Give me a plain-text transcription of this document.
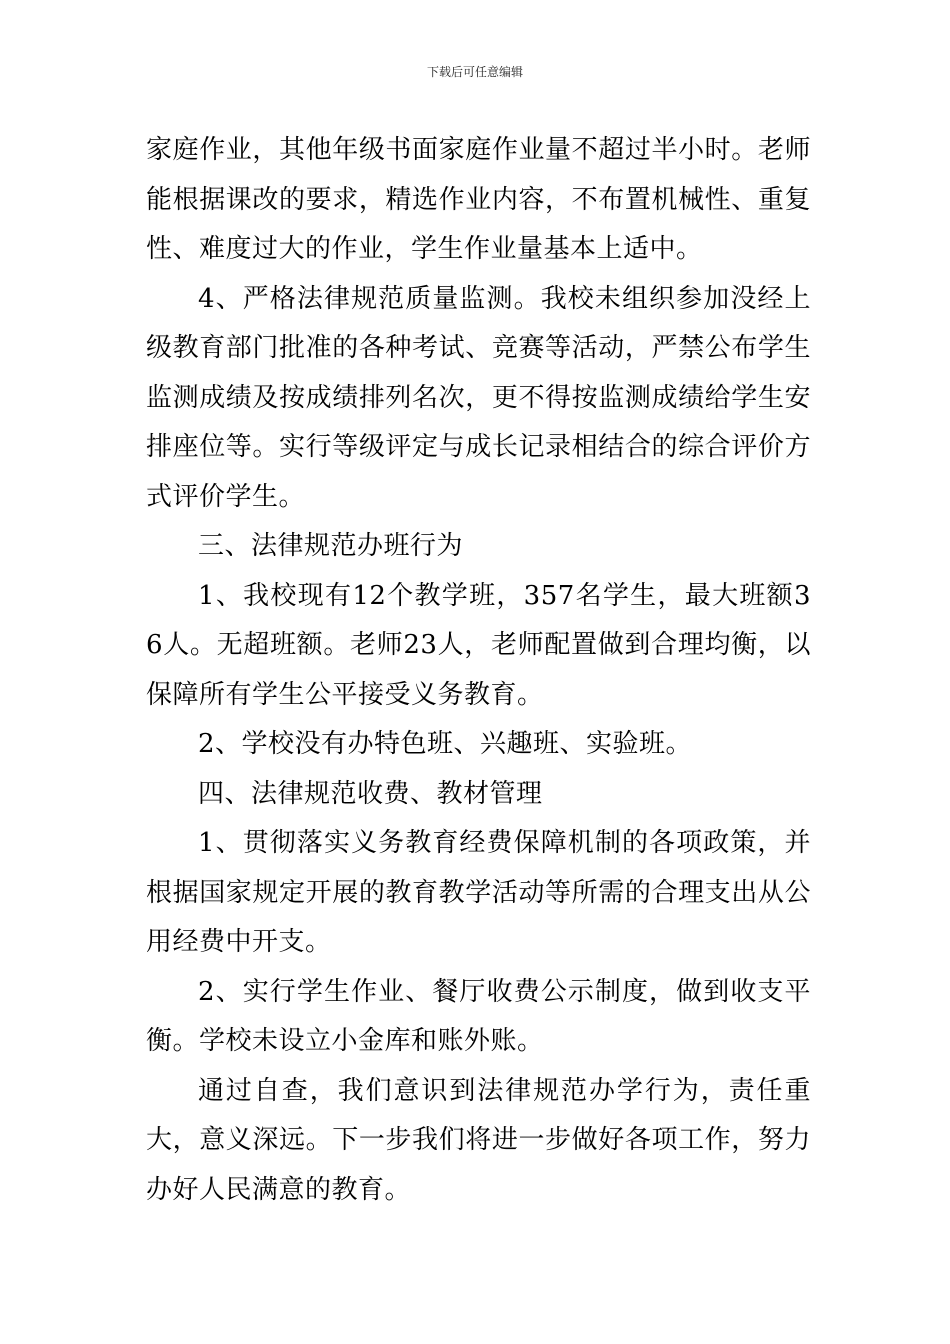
下载后可任意编辑

家庭作业，其他年级书面家庭作业量不超过半小时。老师能根据课改的要求，精选作业内容，不布置机械性、重复性、难度过大的作业，学生作业量基本上适中。

4、严格法律规范质量监测。我校未组织参加没经上级教育部门批准的各种考试、竞赛等活动，严禁公布学生监测成绩及按成绩排列名次，更不得按监测成绩给学生安排座位等。实行等级评定与成长记录相结合的综合评价方式评价学生。

三、法律规范办班行为

1、我校现有12个教学班，357名学生，最大班额36人。无超班额。老师23人，老师配置做到合理均衡，以保障所有学生公平接受义务教育。

2、学校没有办特色班、兴趣班、实验班。

四、法律规范收费、教材管理

1、贯彻落实义务教育经费保障机制的各项政策，并根据国家规定开展的教育教学活动等所需的合理支出从公用经费中开支。

2、实行学生作业、餐厅收费公示制度，做到收支平衡。学校未设立小金库和账外账。

通过自查，我们意识到法律规范办学行为，责任重大，意义深远。下一步我们将进一步做好各项工作，努力办好人民满意的教育。
